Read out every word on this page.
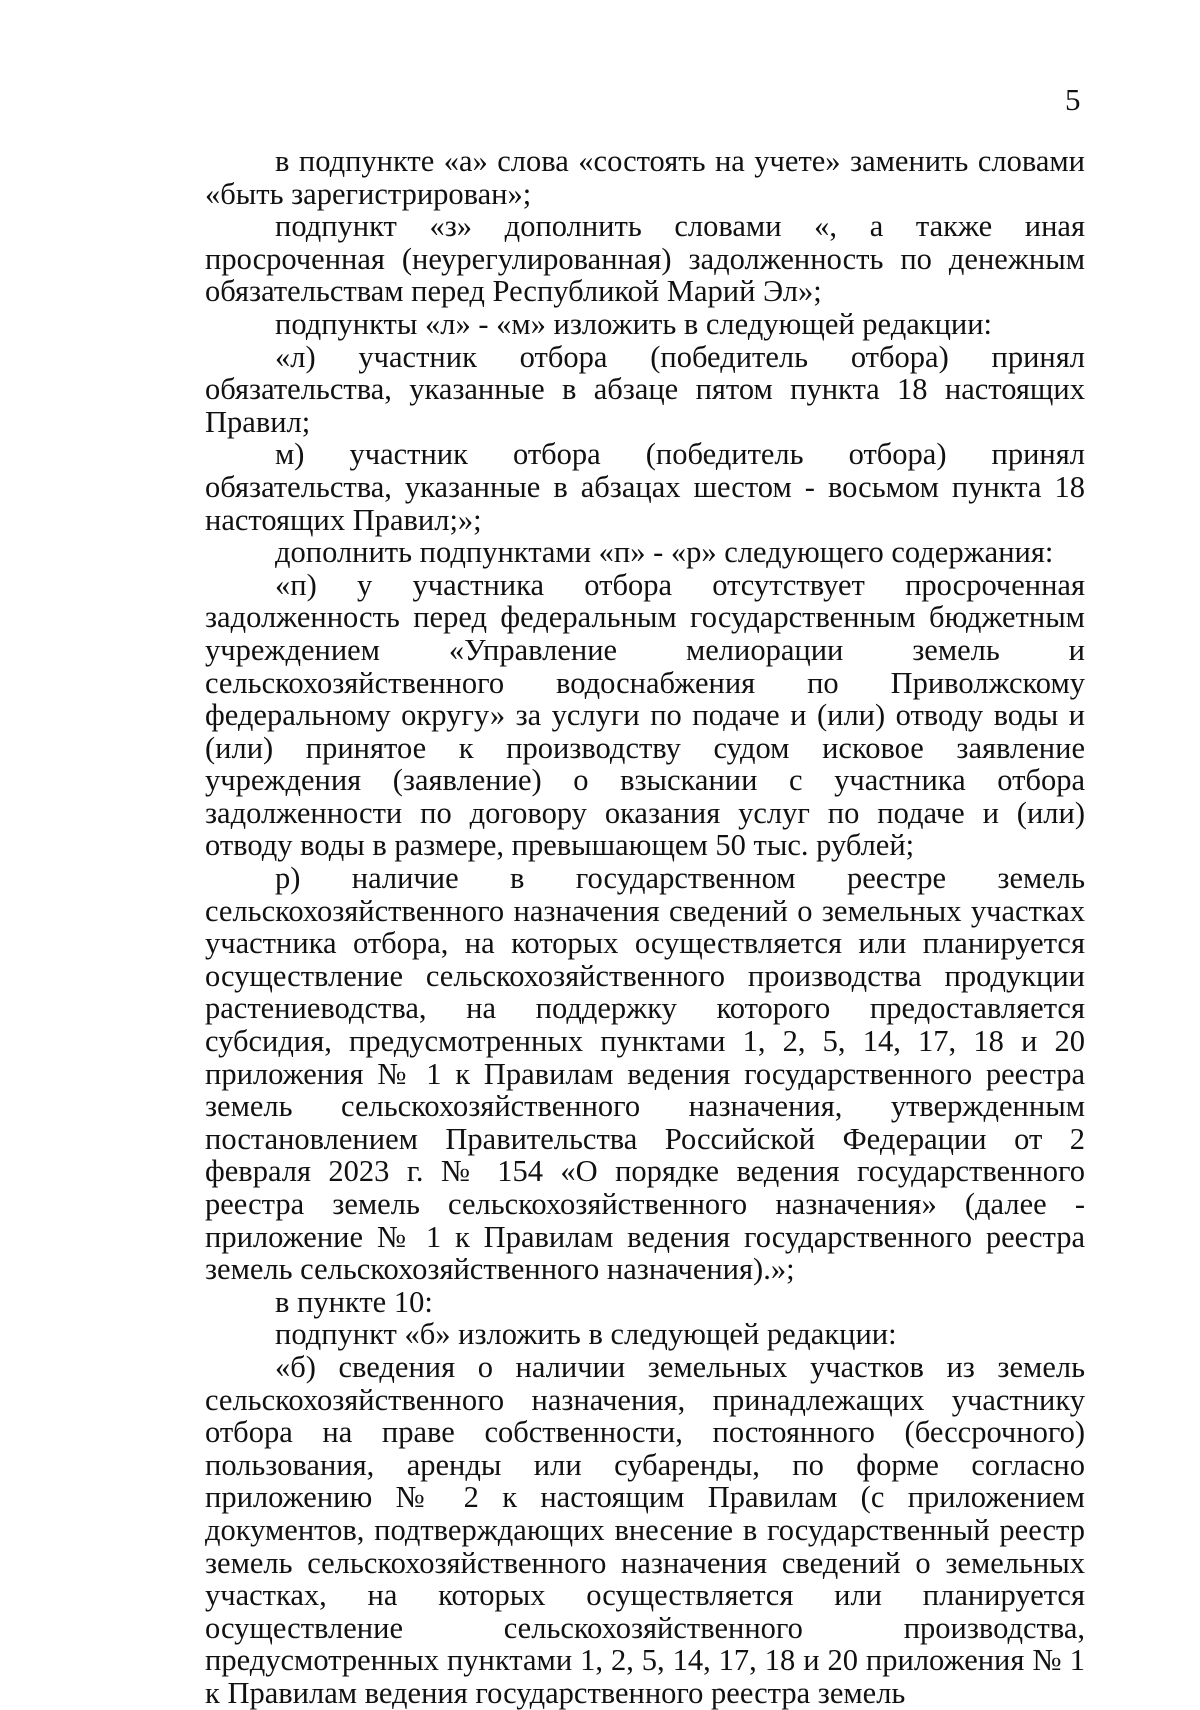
5

в подпункте «а» слова «состоять на учете» заменить словами «быть зарегистрирован»;

подпункт «з» дополнить словами «, а также иная просроченная (неурегулированная) задолженность по денежным обязательствам перед Республикой Марий Эл»;

подпункты «л» - «м» изложить в следующей редакции:

«л) участник отбора (победитель отбора) принял обязательства, указанные в абзаце пятом пункта 18 настоящих Правил;

м) участник отбора (победитель отбора) принял обязательства, указанные в абзацах шестом - восьмом пункта 18 настоящих Правил;»;

дополнить подпунктами «п» - «р» следующего содержания:

«п) у участника отбора отсутствует просроченная задолженность перед федеральным государственным бюджетным учреждением «Управление мелиорации земель и сельскохозяйственного водоснабжения по Приволжскому федеральному округу» за услуги по подаче и (или) отводу воды и (или) принятое к производству судом исковое заявление учреждения (заявление) о взыскании с участника отбора задолженности по договору оказания услуг по подаче и (или) отводу воды в размере, превышающем 50 тыс. рублей;

р) наличие в государственном реестре земель сельскохозяйственного назначения сведений о земельных участках участника отбора, на которых осуществляется или планируется осуществление сельскохозяйственного производства продукции растениеводства, на поддержку которого предоставляется субсидия, предусмотренных пунктами 1, 2, 5, 14, 17, 18 и 20 приложения № 1 к Правилам ведения государственного реестра земель сельскохозяйственного назначения, утвержденным постановлением Правительства Российской Федерации от 2 февраля 2023 г. № 154 «О порядке ведения государственного реестра земель сельскохозяйственного назначения» (далее - приложение № 1 к Правилам ведения государственного реестра земель сельскохозяйственного назначения).»;

в пункте 10:

подпункт «б» изложить в следующей редакции:

«б) сведения о наличии земельных участков из земель сельскохозяйственного назначения, принадлежащих участнику отбора на праве собственности, постоянного (бессрочного) пользования, аренды или субаренды, по форме согласно приложению № 2 к настоящим Правилам (с приложением документов, подтверждающих внесение в государственный реестр земель сельскохозяйственного назначения сведений о земельных участках, на которых осуществляется или планируется осуществление сельскохозяйственного производства, предусмотренных пунктами 1, 2, 5, 14, 17, 18 и 20 приложения № 1 к Правилам ведения государственного реестра земель
